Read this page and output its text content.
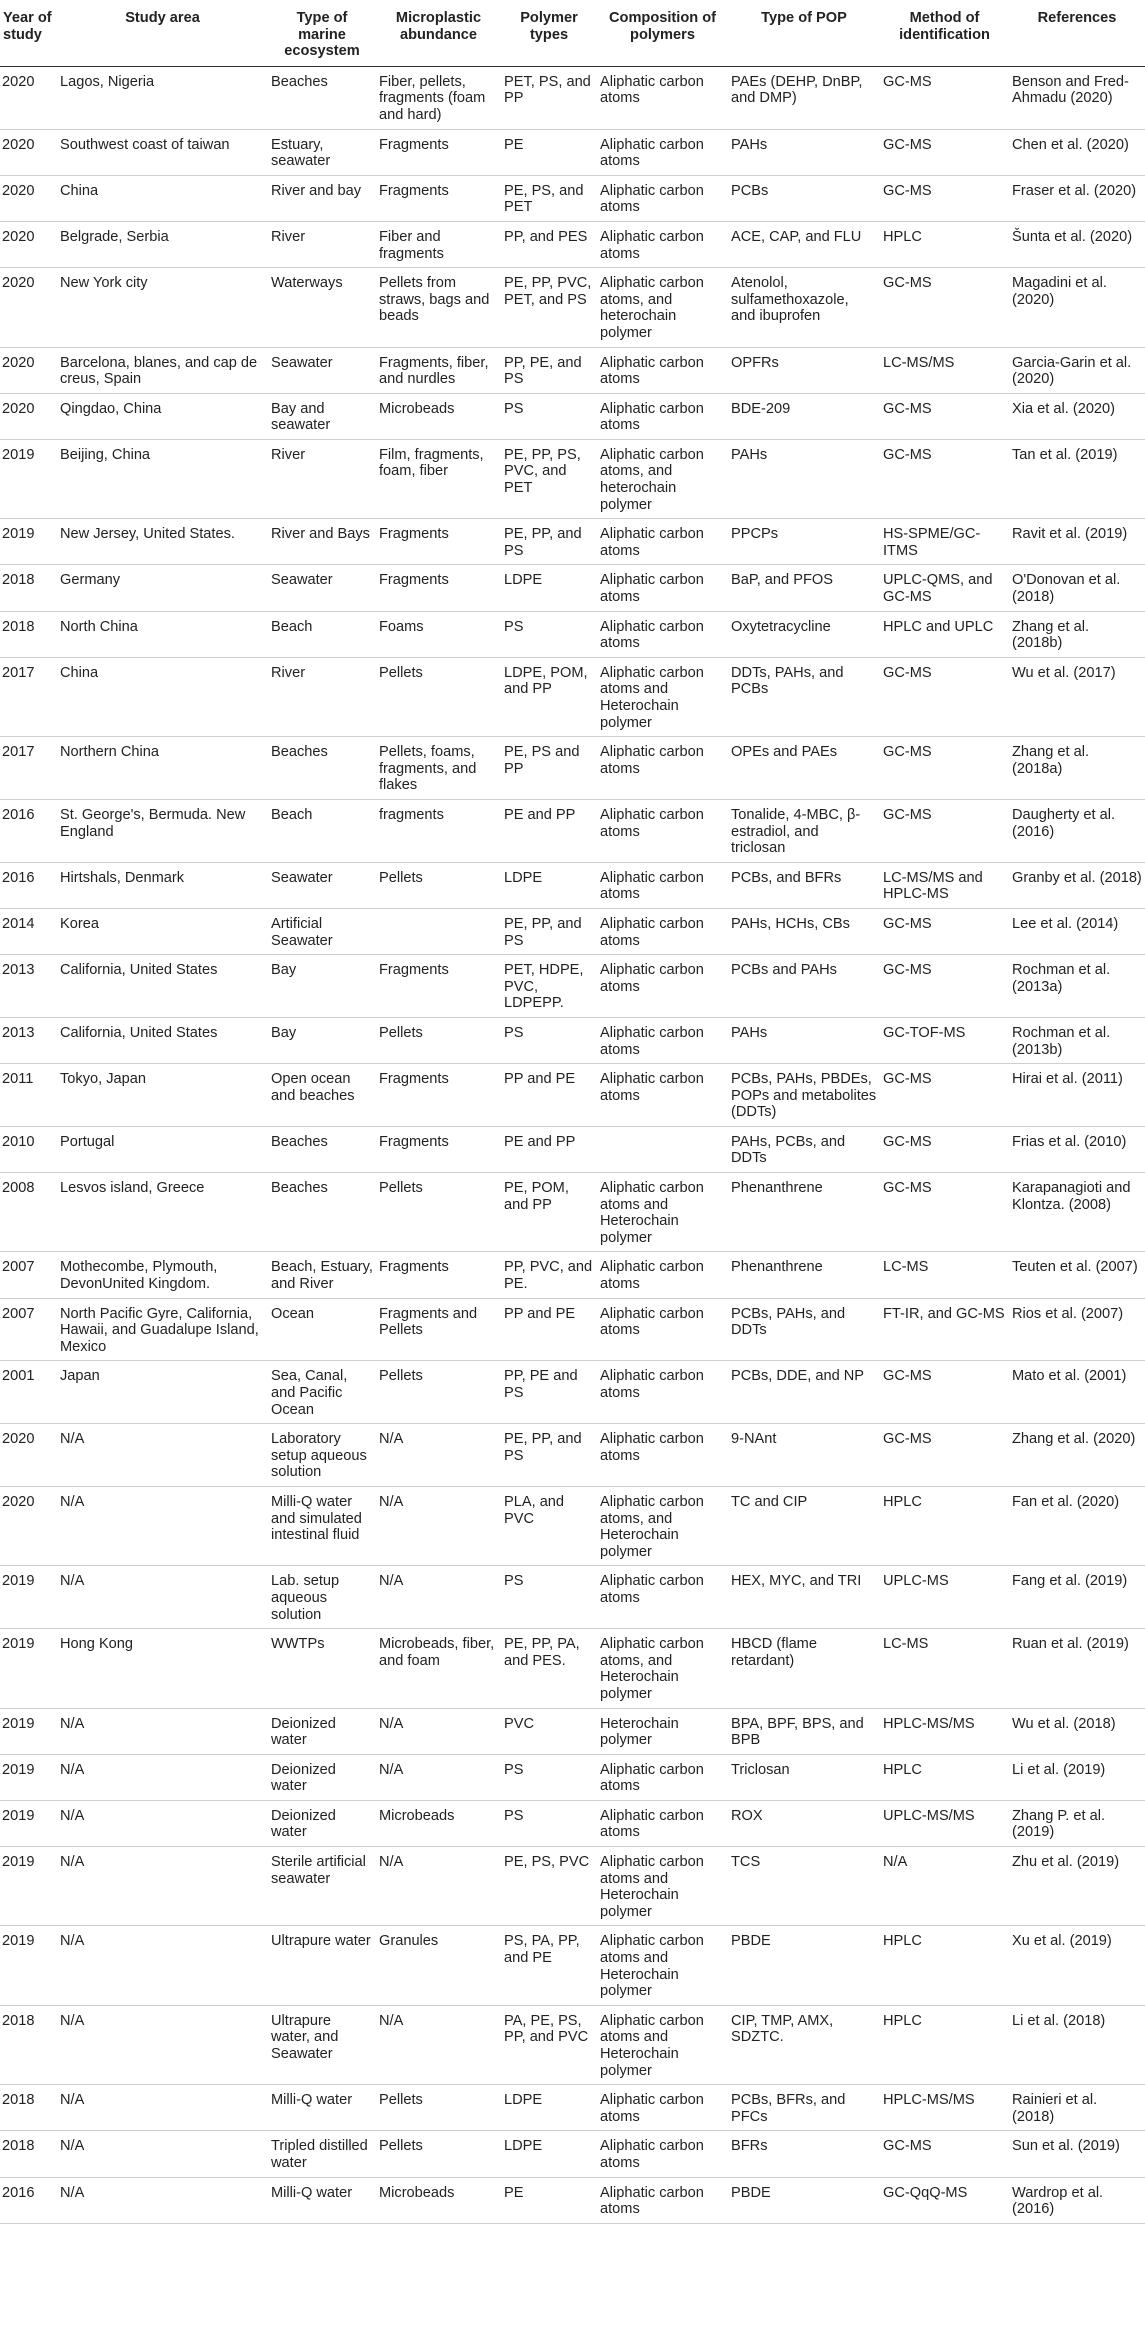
Year of study	Study area	Type of marine ecosystem	Microplastic abundance	Polymer types	Composition of polymers	Type of POP	Method of identification	References
2020	Lagos, Nigeria	Beaches	Fiber, pellets, fragments (foam and hard)	PET, PS, and PP	Aliphatic carbon atoms	PAEs (DEHP, DnBP, and DMP)	GC-MS	Benson and Fred-Ahmadu (2020)
2020	Southwest coast of taiwan	Estuary, seawater	Fragments	PE	Aliphatic carbon atoms	PAHs	GC-MS	Chen et al. (2020)
2020	China	River and bay	Fragments	PE, PS, and PET	Aliphatic carbon atoms	PCBs	GC-MS	Fraser et al. (2020)
2020	Belgrade, Serbia	River	Fiber and fragments	PP, and PES	Aliphatic carbon atoms	ACE, CAP, and FLU	HPLC	Šunta et al. (2020)
2020	New York city	Waterways	Pellets from straws, bags and beads	PE, PP, PVC, PET, and PS	Aliphatic carbon atoms, and heterochain polymer	Atenolol, sulfamethoxazole, and ibuprofen	GC-MS	Magadini et al. (2020)
2020	Barcelona, blanes, and cap de creus, Spain	Seawater	Fragments, fiber, and nurdles	PP, PE, and PS	Aliphatic carbon atoms	OPFRs	LC-MS/MS	Garcia-Garin et al. (2020)
2020	Qingdao, China	Bay and seawater	Microbeads	PS	Aliphatic carbon atoms	BDE-209	GC-MS	Xia et al. (2020)
2019	Beijing, China	River	Film, fragments, foam, fiber	PE, PP, PS, PVC, and PET	Aliphatic carbon atoms, and heterochain polymer	PAHs	GC-MS	Tan et al. (2019)
2019	New Jersey, United States.	River and Bays	Fragments	PE, PP, and PS	Aliphatic carbon atoms	PPCPs	HS-SPME/GC-ITMS	Ravit et al. (2019)
2018	Germany	Seawater	Fragments	LDPE	Aliphatic carbon atoms	BaP, and PFOS	UPLC-QMS, and GC-MS	O'Donovan et al. (2018)
2018	North China	Beach	Foams	PS	Aliphatic carbon atoms	Oxytetracycline	HPLC and UPLC	Zhang et al. (2018b)
2017	China	River	Pellets	LDPE, POM, and PP	Aliphatic carbon atoms and Heterochain polymer	DDTs, PAHs, and PCBs	GC-MS	Wu et al. (2017)
2017	Northern China	Beaches	Pellets, foams, fragments, and flakes	PE, PS and PP	Aliphatic carbon atoms	OPEs and PAEs	GC-MS	Zhang et al. (2018a)
2016	St. George's, Bermuda. New England	Beach	fragments	PE and PP	Aliphatic carbon atoms	Tonalide, 4-MBC, β-estradiol, and triclosan	GC-MS	Daugherty et al. (2016)
2016	Hirtshals, Denmark	Seawater	Pellets	LDPE	Aliphatic carbon atoms	PCBs, and BFRs	LC-MS/MS and HPLC-MS	Granby et al. (2018)
2014	Korea	Artificial Seawater		PE, PP, and PS	Aliphatic carbon atoms	PAHs, HCHs, CBs	GC-MS	Lee et al. (2014)
2013	California, United States	Bay	Fragments	PET, HDPE, PVC, LDPEPP.	Aliphatic carbon atoms	PCBs and PAHs	GC-MS	Rochman et al. (2013a)
2013	California, United States	Bay	Pellets	PS	Aliphatic carbon atoms	PAHs	GC-TOF-MS	Rochman et al. (2013b)
2011	Tokyo, Japan	Open ocean and beaches	Fragments	PP and PE	Aliphatic carbon atoms	PCBs, PAHs, PBDEs, POPs and metabolites (DDTs)	GC-MS	Hirai et al. (2011)
2010	Portugal	Beaches	Fragments	PE and PP		PAHs, PCBs, and DDTs	GC-MS	Frias et al. (2010)
2008	Lesvos island, Greece	Beaches	Pellets	PE, POM, and PP	Aliphatic carbon atoms and Heterochain polymer	Phenanthrene	GC-MS	Karapanagioti and Klontza. (2008)
2007	Mothecombe, Plymouth, DevonUnited Kingdom.	Beach, Estuary, and River	Fragments	PP, PVC, and PE.	Aliphatic carbon atoms	Phenanthrene	LC-MS	Teuten et al. (2007)
2007	North Pacific Gyre, California, Hawaii, and Guadalupe Island, Mexico	Ocean	Fragments and Pellets	PP and PE	Aliphatic carbon atoms	PCBs, PAHs, and DDTs	FT-IR, and GC-MS	Rios et al. (2007)
2001	Japan	Sea, Canal, and Pacific Ocean	Pellets	PP, PE and PS	Aliphatic carbon atoms	PCBs, DDE, and NP	GC-MS	Mato et al. (2001)
2020	N/A	Laboratory setup aqueous solution	N/A	PE, PP, and PS	Aliphatic carbon atoms	9-NAnt	GC-MS	Zhang et al. (2020)
2020	N/A	Milli-Q water and simulated intestinal fluid	N/A	PLA, and PVC	Aliphatic carbon atoms, and Heterochain polymer	TC and CIP	HPLC	Fan et al. (2020)
2019	N/A	Lab. setup aqueous solution	N/A	PS	Aliphatic carbon atoms	HEX, MYC, and TRI	UPLC-MS	Fang et al. (2019)
2019	Hong Kong	WWTPs	Microbeads, fiber, and foam	PE, PP, PA, and PES.	Aliphatic carbon atoms, and Heterochain polymer	HBCD (flame retardant)	LC-MS	Ruan et al. (2019)
2019	N/A	Deionized water	N/A	PVC	Heterochain polymer	BPA, BPF, BPS, and BPB	HPLC-MS/MS	Wu et al. (2018)
2019	N/A	Deionized water	N/A	PS	Aliphatic carbon atoms	Triclosan	HPLC	Li et al. (2019)
2019	N/A	Deionized water	Microbeads	PS	Aliphatic carbon atoms	ROX	UPLC-MS/MS	Zhang P. et al. (2019)
2019	N/A	Sterile artificial seawater	N/A	PE, PS, PVC	Aliphatic carbon atoms and Heterochain polymer	TCS	N/A	Zhu et al. (2019)
2019	N/A	Ultrapure water	Granules	PS, PA, PP, and PE	Aliphatic carbon atoms and Heterochain polymer	PBDE	HPLC	Xu et al. (2019)
2018	N/A	Ultrapure water, and Seawater	N/A	PA, PE, PS, PP, and PVC	Aliphatic carbon atoms and Heterochain polymer	CIP, TMP, AMX, SDZTC.	HPLC	Li et al. (2018)
2018	N/A	Milli-Q water	Pellets	LDPE	Aliphatic carbon atoms	PCBs, BFRs, and PFCs	HPLC-MS/MS	Rainieri et al. (2018)
2018	N/A	Tripled distilled water	Pellets	LDPE	Aliphatic carbon atoms	BFRs	GC-MS	Sun et al. (2019)
2016	N/A	Milli-Q water	Microbeads	PE	Aliphatic carbon atoms	PBDE	GC-QqQ-MS	Wardrop et al. (2016)
